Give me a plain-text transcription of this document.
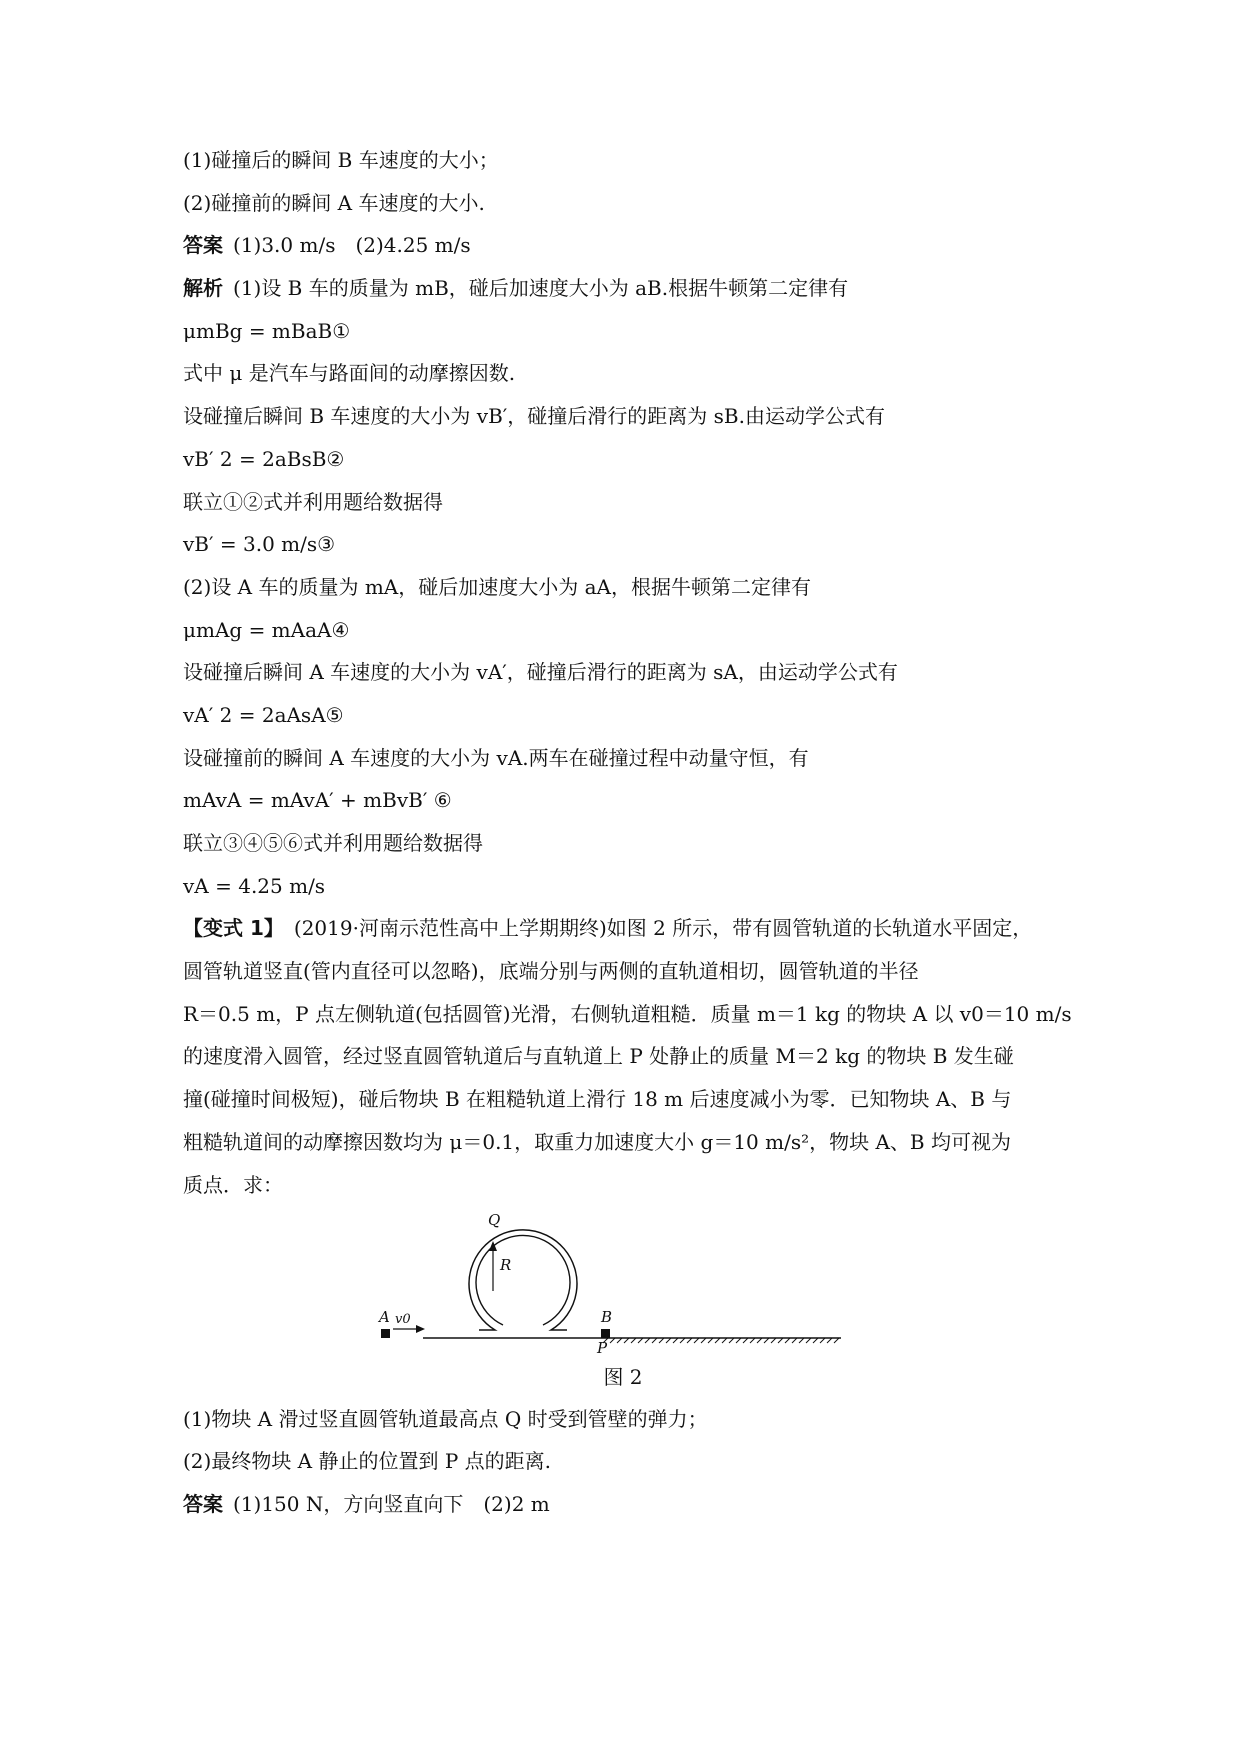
(1)碰撞后的瞬间 B 车速度的大小；
(2)碰撞前的瞬间 A 车速度的大小.
答案 (1)3.0 m/s　(2)4.25 m/s
解析 (1)设 B 车的质量为 mB，碰后加速度大小为 aB.根据牛顿第二定律有
μmBg = mBaB①
式中 μ 是汽车与路面间的动摩擦因数.
设碰撞后瞬间 B 车速度的大小为 vB′，碰撞后滑行的距离为 sB.由运动学公式有
vB′ 2 = 2aBsB②
联立①②式并利用题给数据得
vB′ = 3.0 m/s③
(2)设 A 车的质量为 mA，碰后加速度大小为 aA，根据牛顿第二定律有
μmAg = mAaA④
设碰撞后瞬间 A 车速度的大小为 vA′，碰撞后滑行的距离为 sA，由运动学公式有
vA′ 2 = 2aAsA⑤
设碰撞前的瞬间 A 车速度的大小为 vA.两车在碰撞过程中动量守恒，有
mAvA = mAvA′ + mBvB′ ⑥
联立③④⑤⑥式并利用题给数据得
vA = 4.25 m/s
【变式 1】 (2019·河南示范性高中上学期期终)如图 2 所示，带有圆管轨道的长轨道水平固定，
圆管轨道竖直(管内直径可以忽略)，底端分别与两侧的直轨道相切，圆管轨道的半径
R＝0.5 m，P 点左侧轨道(包括圆管)光滑，右侧轨道粗糙．质量 m＝1 kg 的物块 A 以 v0＝10 m/s
的速度滑入圆管，经过竖直圆管轨道后与直轨道上 P 处静止的质量 M＝2 kg 的物块 B 发生碰
撞(碰撞时间极短)，碰后物块 B 在粗糙轨道上滑行 18 m 后速度减小为零．已知物块 A、B 与
粗糙轨道间的动摩擦因数均为 μ＝0.1，取重力加速度大小 g＝10 m/s²，物块 A、B 均可视为
质点．求：
Q
R
A v0	B
P
图 2
(1)物块 A 滑过竖直圆管轨道最高点 Q 时受到管壁的弹力；
(2)最终物块 A 静止的位置到 P 点的距离.
答案 (1)150 N，方向竖直向下　(2)2 m
